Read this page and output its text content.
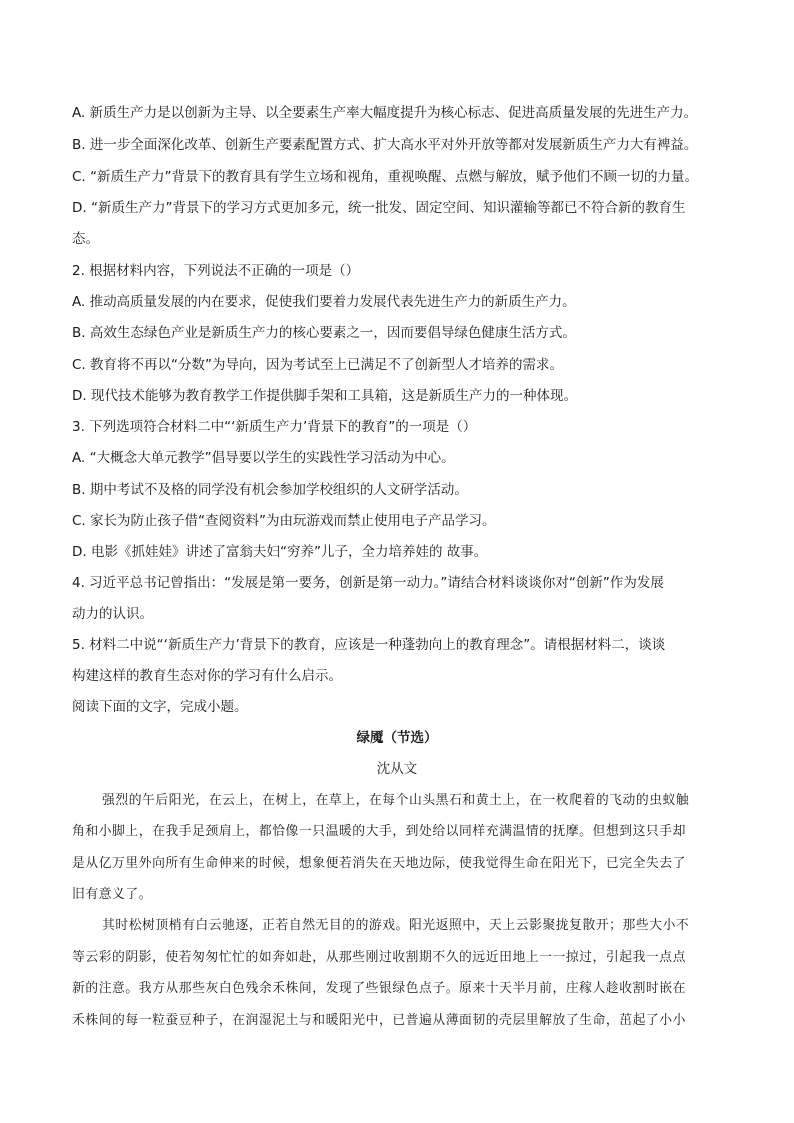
A. 新质生产力是以创新为主导、以全要素生产率大幅度提升为核心标志、促进高质量发展的先进生产力。
B. 进一步全面深化改革、创新生产要素配置方式、扩大高水平对外开放等都对发展新质生产力大有裨益。
C. “新质生产力”背景下的教育具有学生立场和视角，重视唤醒、点燃与解放，赋予他们不顾一切的力量。
D. “新质生产力”背景下的学习方式更加多元，统一批发、固定空间、知识灌输等都已不符合新的教育生
态。
2. 根据材料内容，下列说法不正确的一项是（）
A. 推动高质量发展的内在要求，促使我们要着力发展代表先进生产力的新质生产力。
B. 高效生态绿色产业是新质生产力的核心要素之一，因而要倡导绿色健康生活方式。
C. 教育将不再以“分数”为导向，因为考试至上已满足不了创新型人才培养的需求。
D. 现代技术能够为教育教学工作提供脚手架和工具箱，这是新质生产力的一种体现。
3. 下列选项符合材料二中“‘新质生产力’背景下的教育”的一项是（）
A. “大概念大单元教学”倡导要以学生的实践性学习活动为中心。
B. 期中考试不及格的同学没有机会参加学校组织的人文研学活动。
C. 家长为防止孩子借“查阅资料”为由玩游戏而禁止使用电子产品学习。
D. 电影《抓娃娃》讲述了富翁夫妇“穷养”儿子，全力培养娃的 故事。
4. 习近平总书记曾指出：“发展是第一要务，创新是第一动力。”请结合材料谈谈你对“创新”作为发展
动力的认识。
5. 材料二中说“‘新质生产力’背景下的教育，应该是一种蓬勃向上的教育理念”。请根据材料二，谈谈
构建这样的教育生态对你的学习有什么启示。
阅读下面的文字，完成小题。
绿魇（节选）
沈从文
强烈的午后阳光，在云上，在树上，在草上，在每个山头黑石和黄土上，在一枚爬着的飞动的虫蚁触
角和小脚上，在我手足颈肩上，都恰像一只温暖的大手，到处给以同样充满温情的抚摩。但想到这只手却
是从亿万里外向所有生命伸来的时候，想象便若消失在天地边际，使我觉得生命在阳光下，已完全失去了
旧有意义了。
其时松树顶梢有白云驰逐，正若自然无目的的游戏。阳光返照中，天上云影聚拢复散开；那些大小不
等云彩的阴影，使若匆匆忙忙的如奔如赴，从那些刚过收割期不久的远近田地上一一掠过，引起我一点点
新的注意。我方从那些灰白色残余禾株间，发现了些银绿色点子。原来十天半月前，庄稼人趁收割时嵌在
禾株间的每一粒蚕豆种子，在润湿泥土与和暖阳光中，已普遍从薄面韧的壳层里解放了生命，茁起了小小
